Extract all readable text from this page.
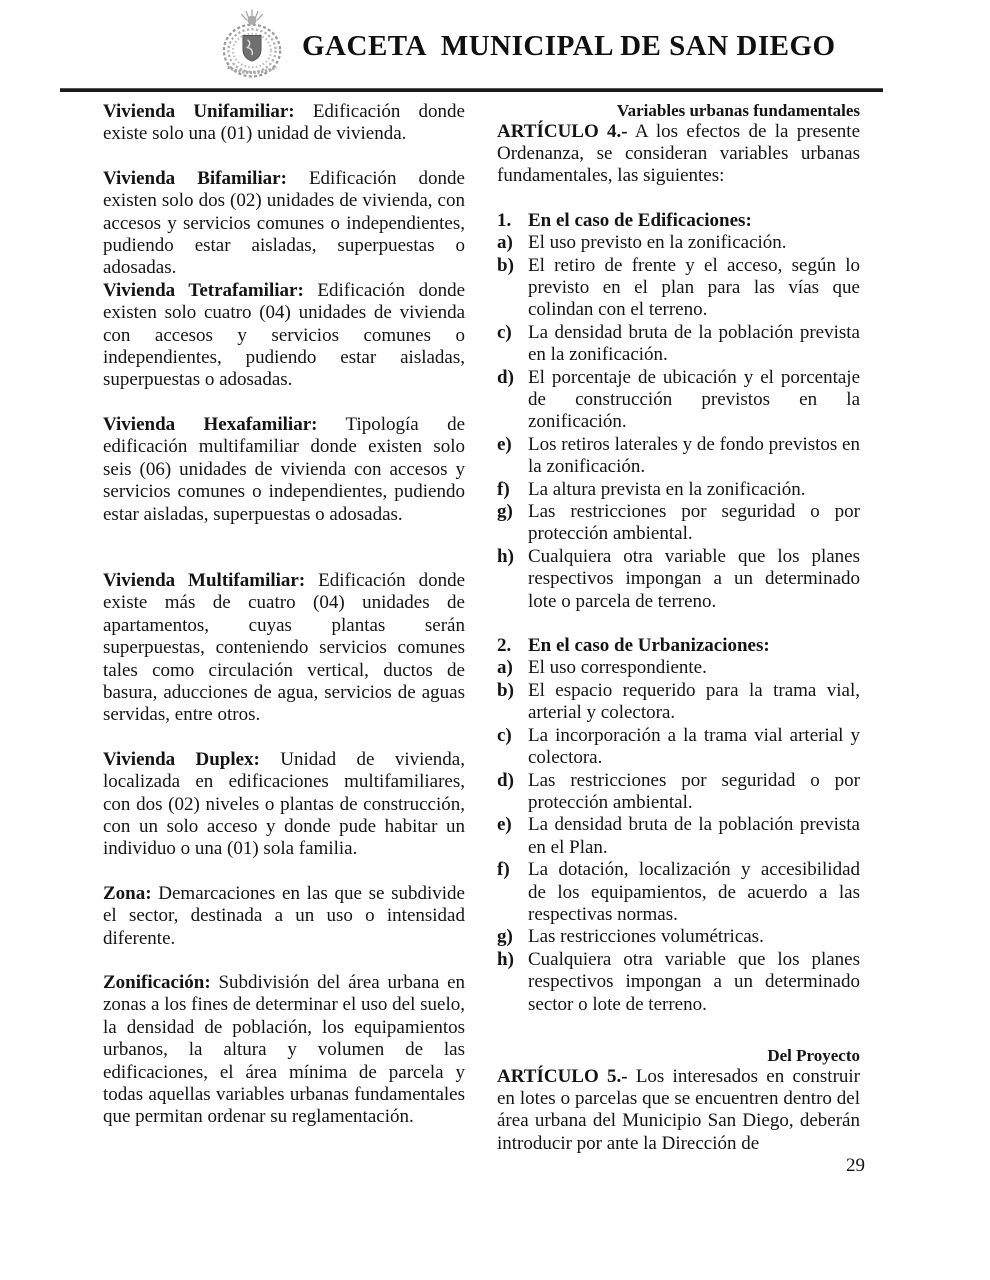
GACETA  MUNICIPAL DE SAN DIEGO

Vivienda Unifamiliar: Edificación donde existe solo una (01) unidad de vivienda.

Vivienda Bifamiliar: Edificación donde existen solo dos (02) unidades de vivienda, con accesos y servicios comunes o independientes, pudiendo estar aisladas, superpuestas o adosadas.

Vivienda Tetrafamiliar: Edificación donde existen solo cuatro (04) unidades de vivienda con accesos y servicios comunes o independientes, pudiendo estar aisladas, superpuestas o adosadas.

Vivienda Hexafamiliar: Tipología de edificación multifamiliar donde existen solo seis (06) unidades de vivienda con accesos y servicios comunes o independientes, pudiendo estar aisladas, superpuestas o adosadas.

Vivienda Multifamiliar: Edificación donde existe más de cuatro (04) unidades de apartamentos, cuyas plantas serán superpuestas, conteniendo servicios comunes tales como circulación vertical, ductos de basura, aducciones de agua, servicios de aguas servidas, entre otros.

Vivienda Duplex: Unidad de vivienda, localizada en edificaciones multifamiliares, con dos (02) niveles o plantas de construcción, con un solo acceso y donde pude habitar un individuo o una (01) sola familia.

Zona: Demarcaciones en las que se subdivide el sector, destinada a un uso o intensidad diferente.

Zonificación: Subdivisión del área urbana en zonas a los fines de determinar el uso del suelo, la densidad de población, los equipamientos urbanos, la altura y volumen de las edificaciones, el área mínima de parcela y todas aquellas variables urbanas fundamentales que permitan ordenar su reglamentación.

Variables urbanas fundamentales

ARTÍCULO 4.- A los efectos de la presente Ordenanza, se consideran variables urbanas fundamentales, las siguientes:

1. En el caso de Edificaciones:
a) El uso previsto en la zonificación.
b) El retiro de frente y el acceso, según lo previsto en el plan para las vías que colindan con el terreno.
c) La densidad bruta de la población prevista en la zonificación.
d) El porcentaje de ubicación y el porcentaje de construcción previstos en la zonificación.
e) Los retiros laterales y de fondo previstos en la zonificación.
f) La altura prevista en la zonificación.
g) Las restricciones por seguridad o por protección ambiental.
h) Cualquiera otra variable que los planes respectivos impongan a un determinado lote o parcela de terreno.
2. En el caso de Urbanizaciones:
a) El uso correspondiente.
b) El espacio requerido para la trama vial, arterial y colectora.
c) La incorporación a la trama vial arterial y colectora.
d) Las restricciones por seguridad o por protección ambiental.
e) La densidad bruta de la población prevista en el Plan.
f) La dotación, localización y accesibilidad de los equipamientos, de acuerdo a las respectivas normas.
g) Las restricciones volumétricas.
h) Cualquiera otra variable que los planes respectivos impongan a un determinado sector o lote de terreno.
Del Proyecto

ARTÍCULO 5.- Los interesados en construir en lotes o parcelas que se encuentren dentro del área urbana del Municipio San Diego, deberán introducir por ante la Dirección de

29
